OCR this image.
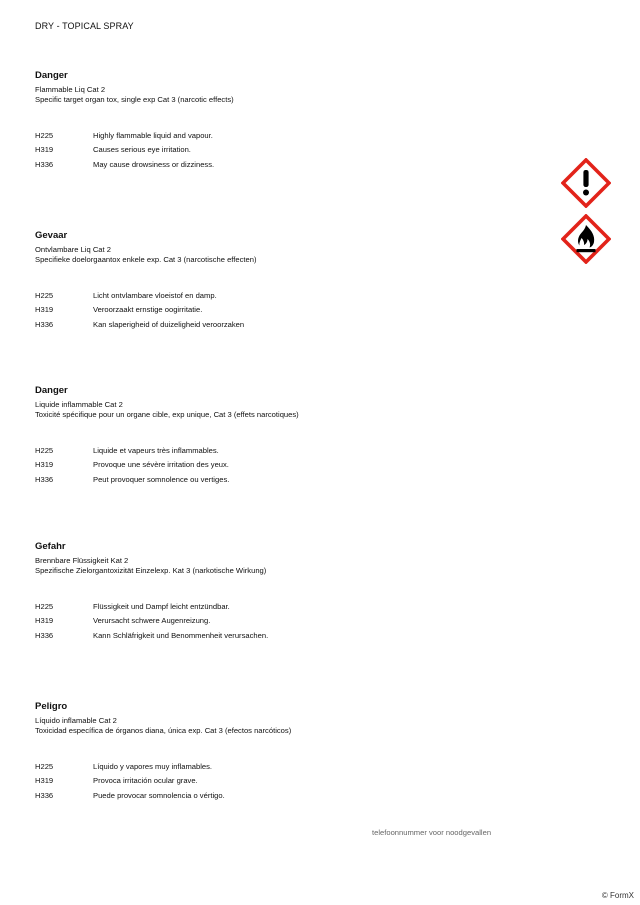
DRY - TOPICAL SPRAY
Danger
Flammable Liq Cat 2
Specific target organ tox, single exp Cat 3 (narcotic effects)
H225	Highly flammable liquid and vapour.
H319	Causes serious eye irritation.
H336	May cause drowsiness or dizziness.
Gevaar
Ontvlambare Liq Cat 2
Specifieke doelorgaantox enkele exp. Cat 3 (narcotische effecten)
H225	Licht ontvlambare vloeistof en damp.
H319	Veroorzaakt ernstige oogirritatie.
H336	Kan slaperigheid of duizeligheid veroorzaken
Danger
Liquide inflammable Cat 2
Toxicité spécifique pour un organe cible, exp unique, Cat 3 (effets narcotiques)
H225	Liquide et vapeurs très inflammables.
H319	Provoque une sévère irritation des yeux.
H336	Peut provoquer somnolence ou vertiges.
Gefahr
Brennbare Flüssigkeit Kat 2
Spezifische Zielorgantoxizität Einzelexp. Kat 3 (narkotische Wirkung)
H225	Flüssigkeit und Dampf leicht entzündbar.
H319	Verursacht schwere Augenreizung.
H336	Kann Schläfrigkeit und Benommenheit verursachen.
Peligro
Líquido inflamable Cat 2
Toxicidad específica de órganos diana, única exp. Cat 3 (efectos narcóticos)
H225	Líquido y vapores muy inflamables.
H319	Provoca irritación ocular grave.
H336	Puede provocar somnolencia o vértigo.
telefoonnummer voor noodgevallen
© FormX
